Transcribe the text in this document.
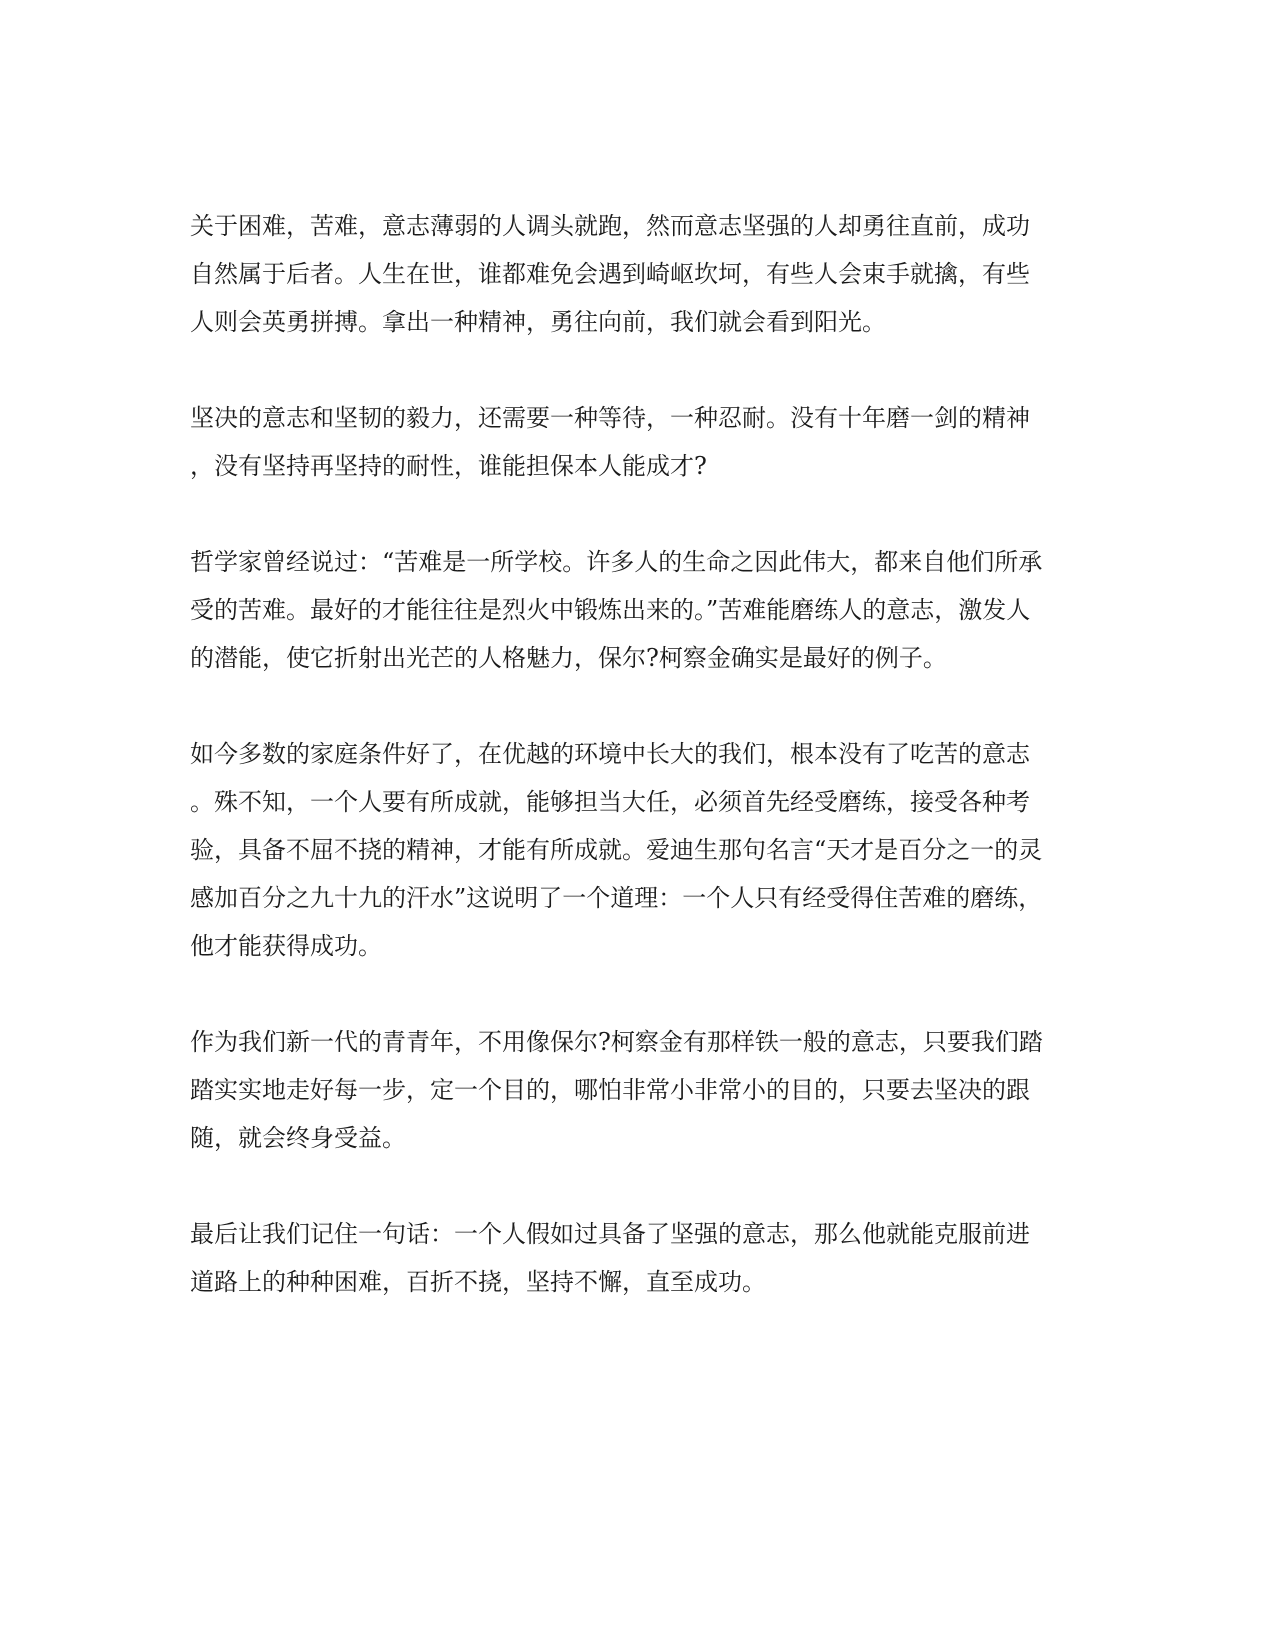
关于困难，苦难，意志薄弱的人调头就跑，然而意志坚强的人却勇往直前，成功
自然属于后者。人生在世，谁都难免会遇到崎岖坎坷，有些人会束手就擒，有些
人则会英勇拼搏。拿出一种精神，勇往向前，我们就会看到阳光。

坚决的意志和坚韧的毅力，还需要一种等待，一种忍耐。没有十年磨一剑的精神
，没有坚持再坚持的耐性，谁能担保本人能成才?

哲学家曾经说过：“苦难是一所学校。许多人的生命之因此伟大，都来自他们所承
受的苦难。最好的才能往往是烈火中锻炼出来的。”苦难能磨练人的意志，激发人
的潜能，使它折射出光芒的人格魅力，保尔?柯察金确实是最好的例子。

如今多数的家庭条件好了，在优越的环境中长大的我们，根本没有了吃苦的意志
。殊不知，一个人要有所成就，能够担当大任，必须首先经受磨练，接受各种考
验，具备不屈不挠的精神，才能有所成就。爱迪生那句名言“天才是百分之一的灵
感加百分之九十九的汗水”这说明了一个道理：一个人只有经受得住苦难的磨练，
他才能获得成功。

作为我们新一代的青青年，不用像保尔?柯察金有那样铁一般的意志，只要我们踏
踏实实地走好每一步，定一个目的，哪怕非常小非常小的目的，只要去坚决的跟
随，就会终身受益。

最后让我们记住一句话：一个人假如过具备了坚强的意志，那么他就能克服前进
道路上的种种困难，百折不挠，坚持不懈，直至成功。
